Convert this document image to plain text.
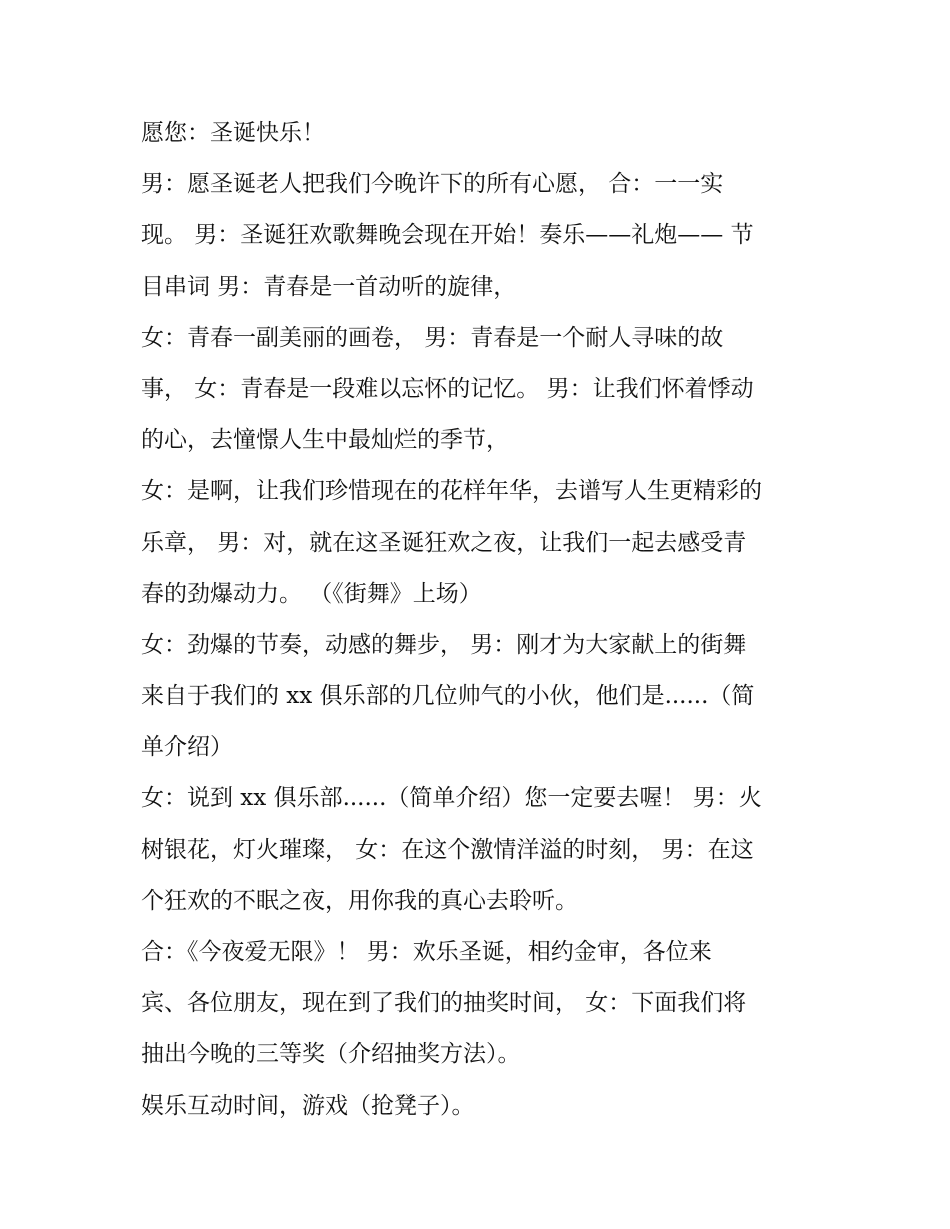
愿您：圣诞快乐！
男：愿圣诞老人把我们今晚许下的所有心愿， 合：一一实
现。 男：圣诞狂欢歌舞晚会现在开始！奏乐——礼炮—— 节
目串词 男：青春是一首动听的旋律，
女：青春一副美丽的画卷， 男：青春是一个耐人寻味的故
事， 女：青春是一段难以忘怀的记忆。 男：让我们怀着悸动
的心，去憧憬人生中最灿烂的季节，
女：是啊，让我们珍惜现在的花样年华，去谱写人生更精彩的
乐章， 男：对，就在这圣诞狂欢之夜，让我们一起去感受青
春的劲爆动力。 （《街舞》上场）
女：劲爆的节奏，动感的舞步， 男：刚才为大家献上的街舞
来自于我们的 xx 俱乐部的几位帅气的小伙，他们是......（简
单介绍）
女：说到 xx 俱乐部......（简单介绍）您一定要去喔！ 男：火
树银花，灯火璀璨， 女：在这个激情洋溢的时刻， 男：在这
个狂欢的不眠之夜，用你我的真心去聆听。
合：《今夜爱无限》！ 男：欢乐圣诞，相约金审，各位来
宾、各位朋友，现在到了我们的抽奖时间， 女：下面我们将
抽出今晚的三等奖（介绍抽奖方法）。
娱乐互动时间，游戏（抢凳子）。
